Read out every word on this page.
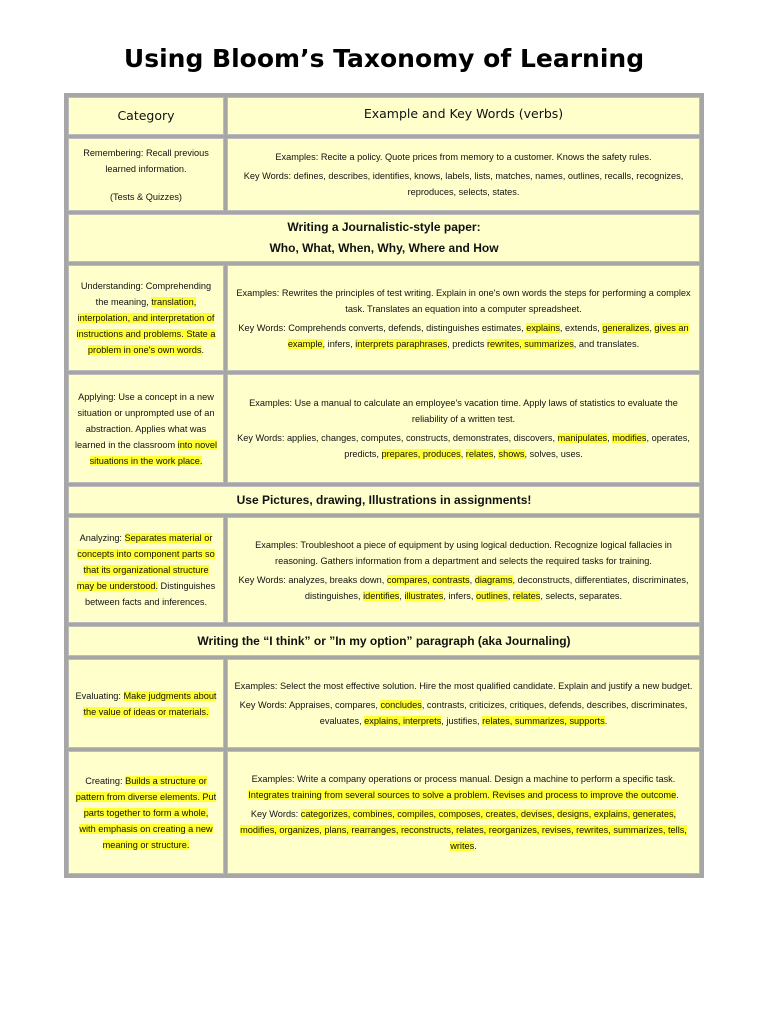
Using Bloom’s Taxonomy of Learning
Category	Example and Key Words (verbs)
Remembering: Recall previous learned information.
(Tests & Quizzes)
Examples: Recite a policy. Quote prices from memory to a customer. Knows the safety rules.
Key Words: defines, describes, identifies, knows, labels, lists, matches, names, outlines, recalls, recognizes, reproduces, selects, states.
Writing a Journalistic-style paper:
Who, What, When, Why, Where and How
Understanding: Comprehending the meaning, translation, interpolation, and interpretation of instructions and problems. State a problem in one's own words.
Examples: Rewrites the principles of test writing. Explain in one's own words the steps for performing a complex task. Translates an equation into a computer spreadsheet.
Key Words: Comprehends converts, defends, distinguishes estimates, explains, extends, generalizes, gives an example, infers, interprets paraphrases, predicts rewrites, summarizes, and translates.
Applying: Use a concept in a new situation or unprompted use of an abstraction. Applies what was learned in the classroom into novel situations in the work place.
Examples: Use a manual to calculate an employee's vacation time. Apply laws of statistics to evaluate the reliability of a written test.
Key Words: applies, changes, computes, constructs, demonstrates, discovers, manipulates, modifies, operates, predicts, prepares, produces, relates, shows, solves, uses.
Use Pictures, drawing, Illustrations in assignments!
Analyzing: Separates material or concepts into component parts so that its organizational structure may be understood. Distinguishes between facts and inferences.
Examples: Troubleshoot a piece of equipment by using logical deduction. Recognize logical fallacies in reasoning. Gathers information from a department and selects the required tasks for training.
Key Words: analyzes, breaks down, compares, contrasts, diagrams, deconstructs, differentiates, discriminates, distinguishes, identifies, illustrates, infers, outlines, relates, selects, separates.
Writing the “I think” or ”In my option” paragraph (aka Journaling)
Evaluating: Make judgments about the value of ideas or materials.
Examples: Select the most effective solution. Hire the most qualified candidate. Explain and justify a new budget.
Key Words: Appraises, compares, concludes, contrasts, criticizes, critiques, defends, describes, discriminates, evaluates, explains, interprets, justifies, relates, summarizes, supports.
Creating: Builds a structure or pattern from diverse elements. Put parts together to form a whole, with emphasis on creating a new meaning or structure.
Examples: Write a company operations or process manual. Design a machine to perform a specific task. Integrates training from several sources to solve a problem. Revises and process to improve the outcome.
Key Words: categorizes, combines, compiles, composes, creates, devises, designs, explains, generates, modifies, organizes, plans, rearranges, reconstructs, relates, reorganizes, revises, rewrites, summarizes, tells, writes.
